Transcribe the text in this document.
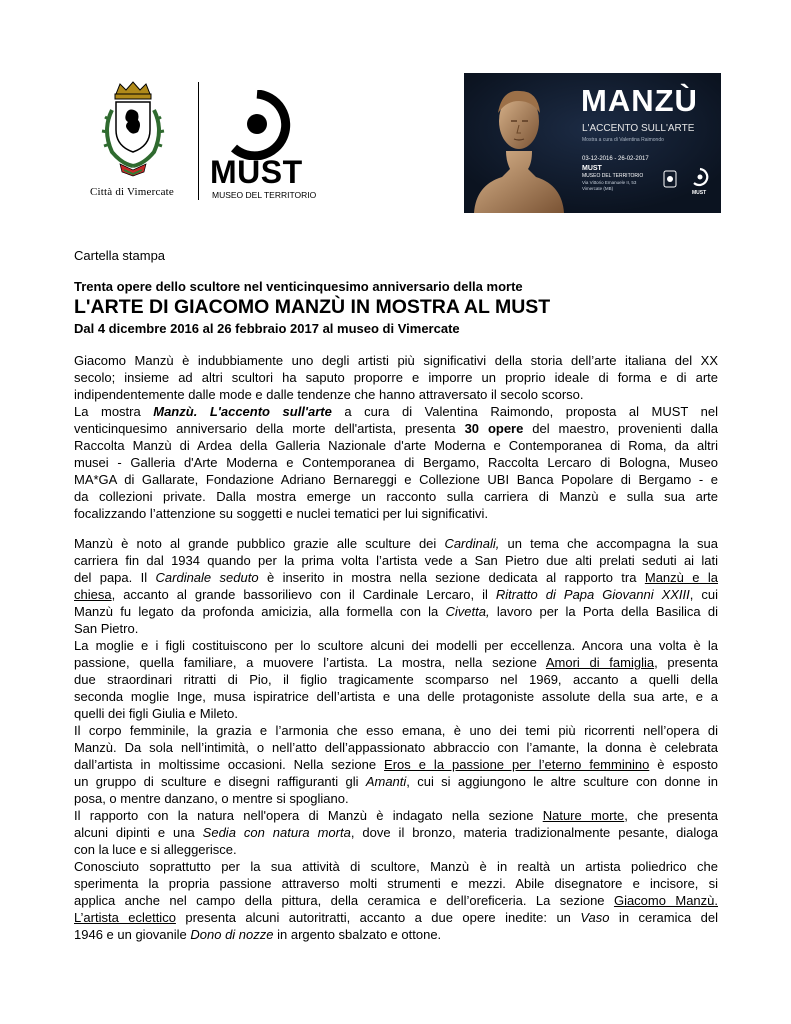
Città di Vimercate
MUST
MUSEO DEL TERRITORIO
MANZÙ
L'ACCENTO SULL'ARTE
Mostra a cura di Valentina Raimondo
03-12-2016 - 26-02-2017
MUST
MUSEO DEL TERRITORIO
Via Vittorio Emanuele II, 53
Vimercate (MB)
MUST
Cartella stampa
Trenta opere dello scultore nel venticinquesimo anniversario della morte
L'ARTE DI GIACOMO MANZÙ IN MOSTRA AL MUST
Dal 4 dicembre 2016 al 26 febbraio 2017 al museo di Vimercate
Giacomo Manzù è indubbiamente uno degli artisti più significativi della storia dell’arte italiana del XX
secolo; insieme ad altri scultori ha saputo proporre e imporre un proprio ideale di forma e di arte
indipendentemente dalle mode e dalle tendenze che hanno attraversato il secolo scorso.
La mostra Manzù. L'accento sull'arte a cura di Valentina Raimondo, proposta al MUST nel
venticinquesimo anniversario della morte dell'artista, presenta 30 opere del maestro, provenienti dalla
Raccolta Manzù di Ardea della Galleria Nazionale d'arte Moderna e Contemporanea di Roma, da altri
musei - Galleria d'Arte Moderna e Contemporanea di Bergamo, Raccolta Lercaro di Bologna, Museo
MA*GA di Gallarate, Fondazione Adriano Bernareggi e Collezione UBI Banca Popolare di Bergamo - e
da collezioni private. Dalla mostra emerge un racconto sulla carriera di Manzù e sulla sua arte
focalizzando l’attenzione su soggetti e nuclei tematici per lui significativi.
Manzù è noto al grande pubblico grazie alle sculture dei Cardinali, un tema che accompagna la sua
carriera fin dal 1934 quando per la prima volta l’artista vede a San Pietro due alti prelati seduti ai lati
del papa. Il Cardinale seduto è inserito in mostra nella sezione dedicata al rapporto tra Manzù e la
chiesa, accanto al grande bassorilievo con il Cardinale Lercaro, il Ritratto di Papa Giovanni XXIII, cui
Manzù fu legato da profonda amicizia, alla formella con la Civetta, lavoro per la Porta della Basilica di
San Pietro.
La moglie e i figli costituiscono per lo scultore alcuni dei modelli per eccellenza. Ancora una volta è la
passione, quella familiare, a muovere l’artista. La mostra, nella sezione Amori di famiglia, presenta
due straordinari ritratti di Pio, il figlio tragicamente scomparso nel 1969, accanto a quelli della
seconda moglie Inge, musa ispiratrice dell’artista e una delle protagoniste assolute della sua arte, e a
quelli dei figli Giulia e Mileto.
Il corpo femminile, la grazia e l’armonia che esso emana, è uno dei temi più ricorrenti nell’opera di
Manzù. Da sola nell’intimità, o nell’atto dell’appassionato abbraccio con l’amante, la donna è celebrata
dall’artista in moltissime occasioni. Nella sezione Eros e la passione per l’eterno femminino è esposto
un gruppo di sculture e disegni raffiguranti gli Amanti, cui si aggiungono le altre sculture con donne in
posa, o mentre danzano, o mentre si spogliano.
Il rapporto con la natura nell'opera di Manzù è indagato nella sezione Nature morte, che presenta
alcuni dipinti e una Sedia con natura morta, dove il bronzo, materia tradizionalmente pesante, dialoga
con la luce e si alleggerisce.
Conosciuto soprattutto per la sua attività di scultore, Manzù è in realtà un artista poliedrico che
sperimenta la propria passione attraverso molti strumenti e mezzi. Abile disegnatore e incisore, si
applica anche nel campo della pittura, della ceramica e dell’oreficeria. La sezione Giacomo Manzù.
L’artista eclettico presenta alcuni autoritratti, accanto a due opere inedite: un Vaso in ceramica del
1946 e un giovanile Dono di nozze in argento sbalzato e ottone.
